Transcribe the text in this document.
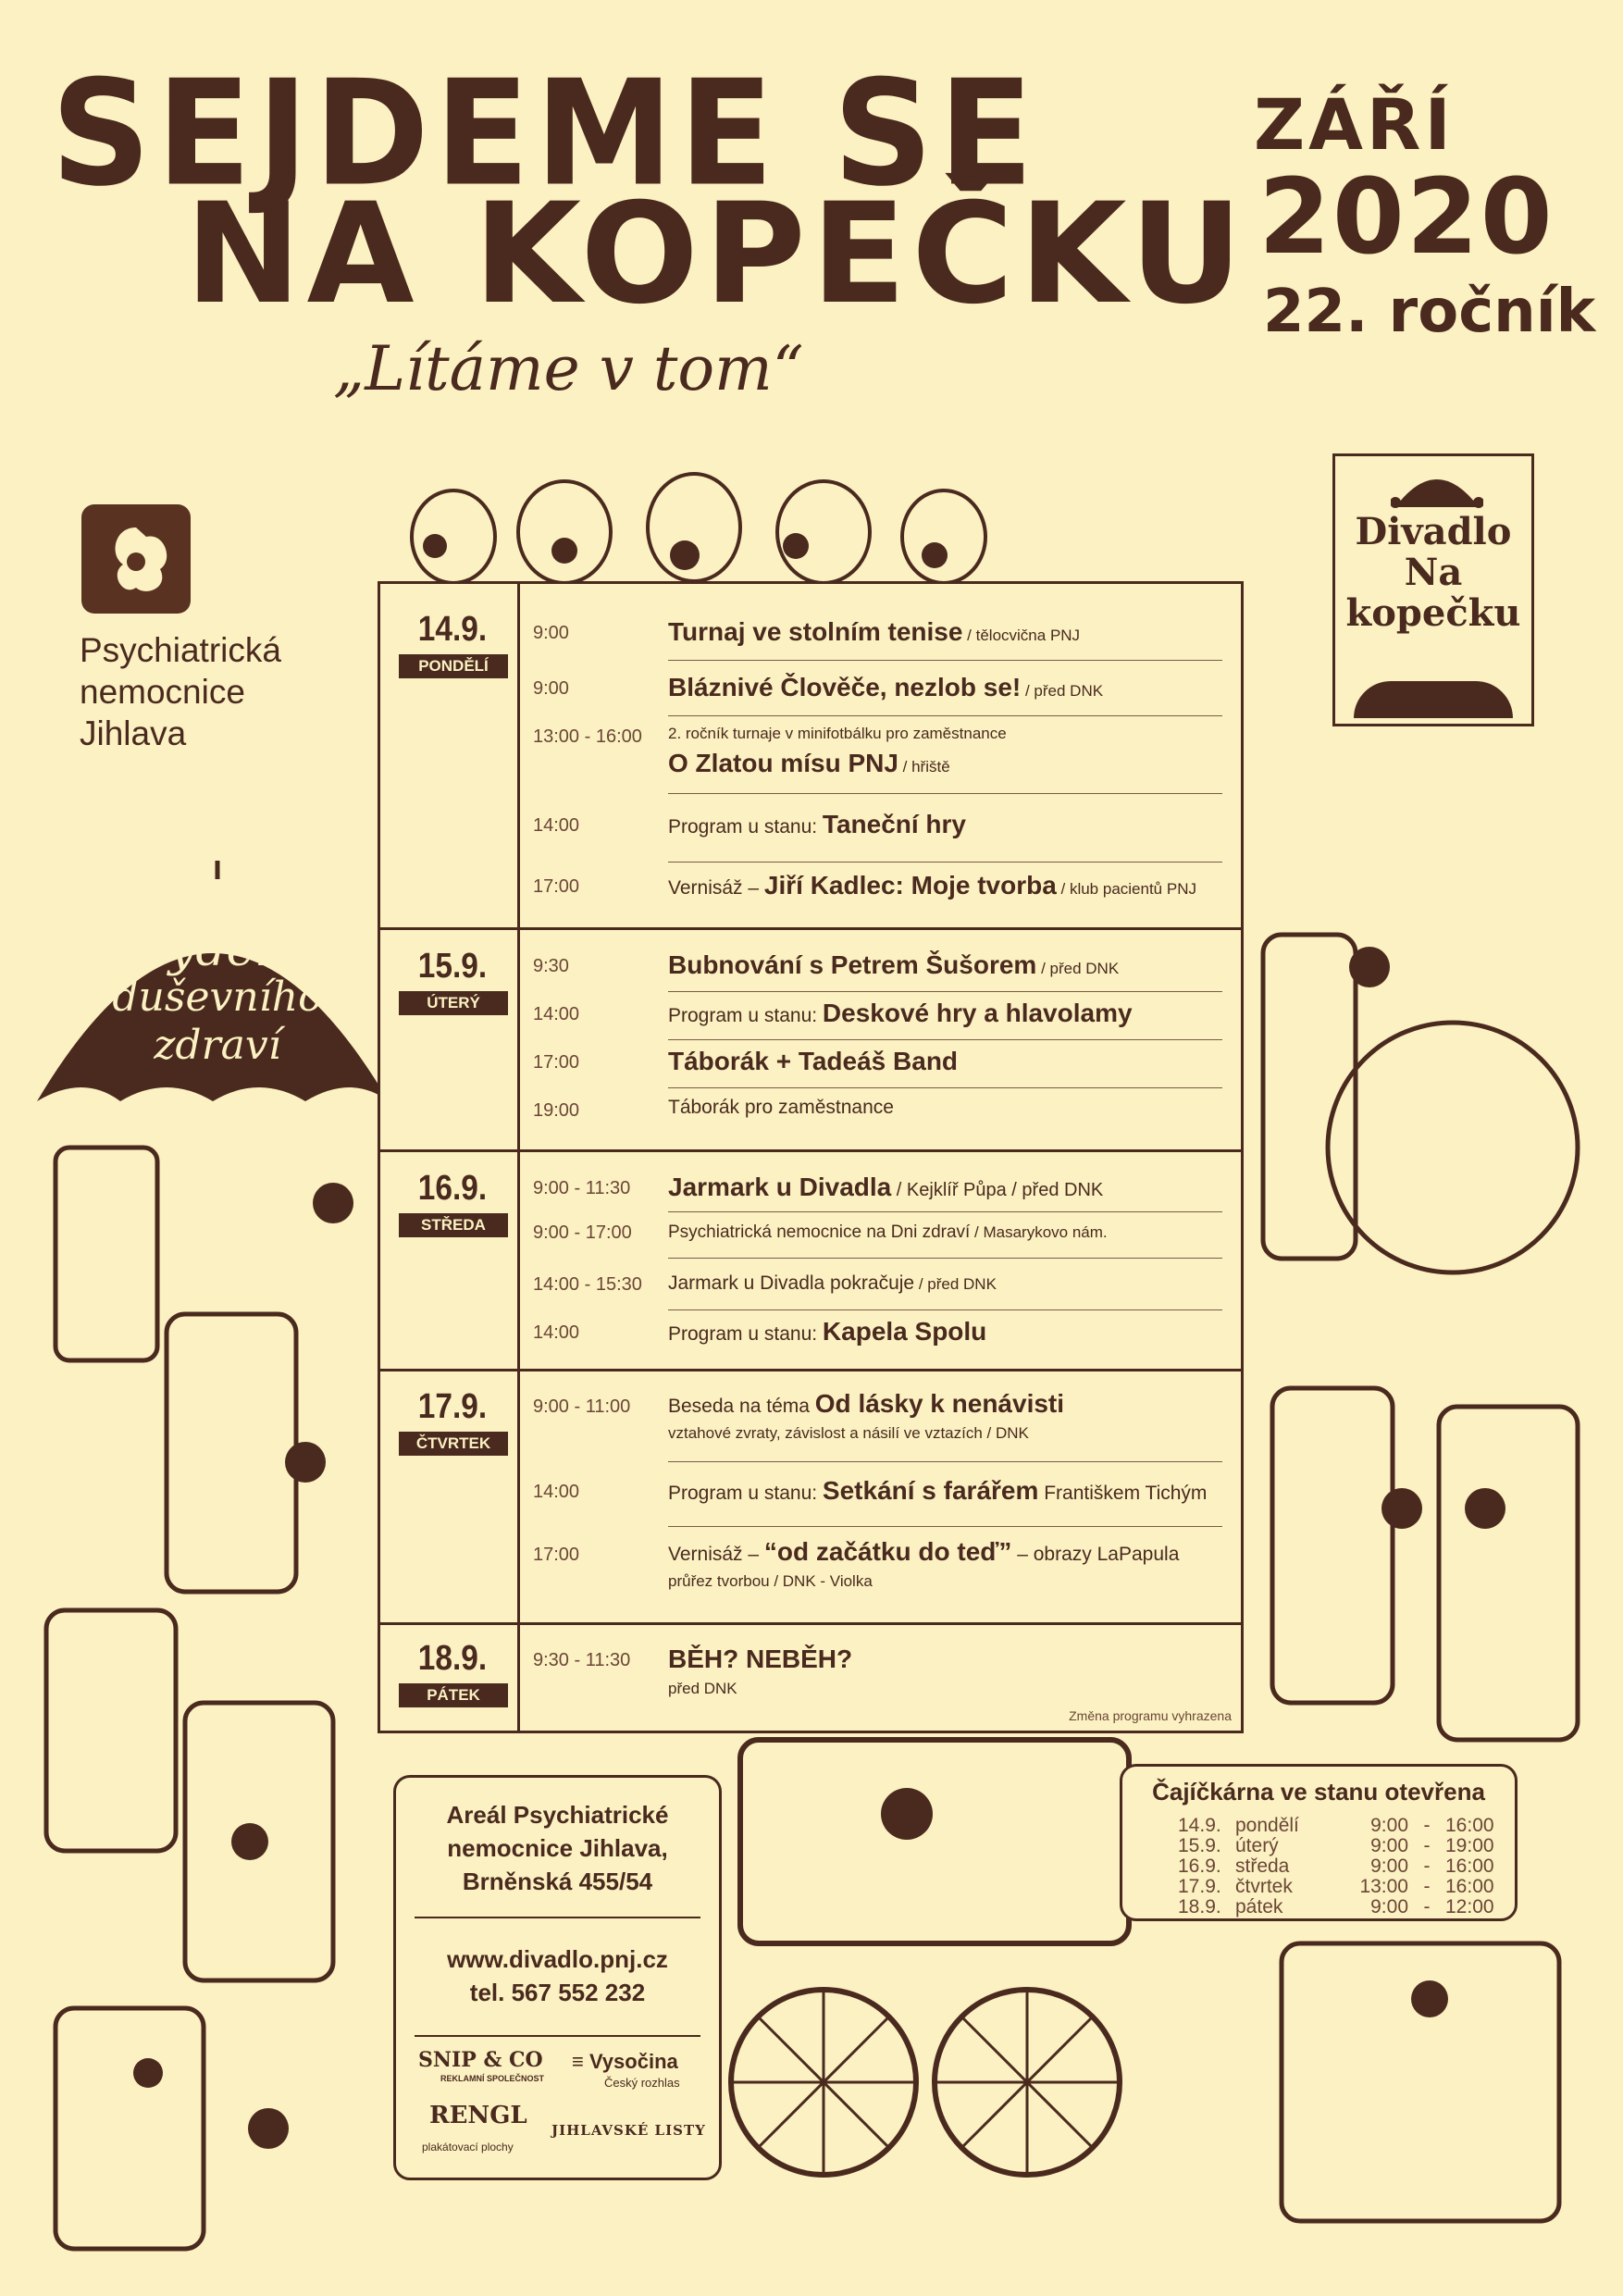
SEJDEME SE
NA KOPEČKU
„Lítáme v tom“
ZÁŘÍ
2020
22. ročník
Psychiatrická
nemocnice
Jihlava
Divadlo
Na
kopečku
týden
duševního
zdraví
14.9.
PONDĚLÍ
9:00	Turnaj ve stolním tenise / tělocvična PNJ
9:00	Bláznivé Člověče, nezlob se! / před DNK
13:00 - 16:00 2. ročník turnaje v minifotbálku pro zaměstnance
O Zlatou mísu PNJ / hřiště
14:00	Program u stanu: Taneční hry
17:00	Vernisáž – Jiří Kadlec: Moje tvorba / klub pacientů PNJ
15.9.
ÚTERÝ
9:30	Bubnování s Petrem Šušorem / před DNK
14:00	Program u stanu: Deskové hry a hlavolamy
17:00	Táborák + Tadeáš Band
19:00	Táborák pro zaměstnance
16.9.
STŘEDA
9:00 - 11:30 Jarmark u Divadla / Kejklíř Půpa / před DNK
9:00 - 17:00 Psychiatrická nemocnice na Dni zdraví / Masarykovo nám.
14:00 - 15:30 Jarmark u Divadla pokračuje / před DNK
14:00	Program u stanu: Kapela Spolu
17.9.
ČTVRTEK
9:00 - 11:00 Beseda na téma Od lásky k nenávisti
vztahové zvraty, závislost a násilí ve vztazích / DNK
14:00	Program u stanu: Setkání s farářem Františkem Tichým
17:00	Vernisáž – “od začátku do teď” – obrazy LaPapula
průřez tvorbou / DNK - Violka
18.9.
PÁTEK
9:30 - 11:30 BĚH? NEBĚH?
před DNK
Změna programu vyhrazena
Areál Psychiatrické
nemocnice Jihlava,
Brněnská 455/54
www.divadlo.pnj.cz
tel. 567 552 232
SNIP & CO
REKLAMNÍ SPOLEČNOST
≡ Vysočina
Český rozhlas
RENGL
plakátovací plochy
JIHLAVSKÉ LISTY
Čajíčkárna ve stanu otevřena
14.9. pondělí	9:00 - 16:00
15.9. úterý	9:00 - 19:00
16.9. středa	9:00 - 16:00
17.9. čtvrtek	13:00 - 16:00
18.9. pátek	9:00 - 12:00
